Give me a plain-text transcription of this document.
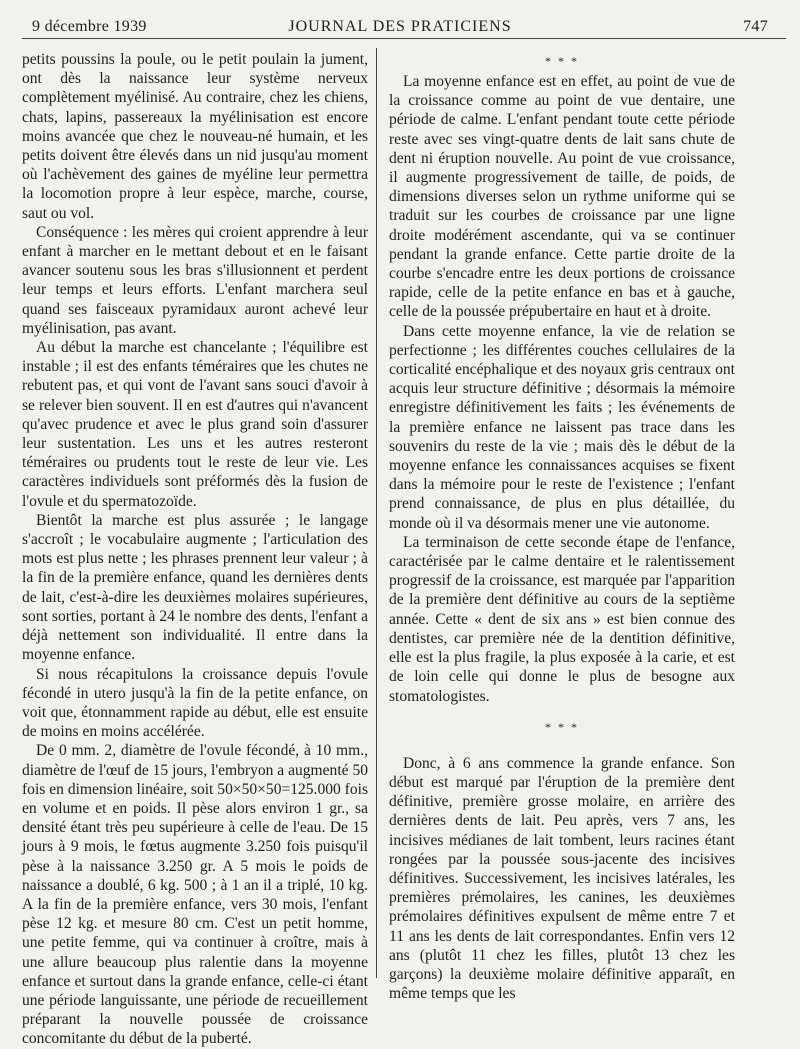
9 décembre 1939	JOURNAL DES PRATICIENS	747

petits poussins la poule, ou le petit poulain la jument, ont dès la naissance leur système nerveux complètement myélinisé. Au contraire, chez les chiens, chats, lapins, passereaux la myélinisation est encore moins avancée que chez le nouveau-né humain, et les petits doivent être élevés dans un nid jusqu'au moment où l'achèvement des gaines de myéline leur permettra la locomotion propre à leur espèce, marche, course, saut ou vol.

Conséquence : les mères qui croient apprendre à leur enfant à marcher en le mettant debout et en le faisant avancer soutenu sous les bras s'illusionnent et perdent leur temps et leurs efforts. L'enfant marchera seul quand ses faisceaux pyramidaux auront achevé leur myélinisation, pas avant.

Au début la marche est chancelante ; l'équilibre est instable ; il est des enfants téméraires que les chutes ne rebutent pas, et qui vont de l'avant sans souci d'avoir à se relever bien souvent. Il en est d'autres qui n'avancent qu'avec prudence et avec le plus grand soin d'assurer leur sustentation. Les uns et les autres resteront téméraires ou prudents tout le reste de leur vie. Les caractères individuels sont préformés dès la fusion de l'ovule et du spermatozoïde.

Bientôt la marche est plus assurée ; le langage s'accroît ; le vocabulaire augmente ; l'articulation des mots est plus nette ; les phrases prennent leur valeur ; à la fin de la première enfance, quand les dernières dents de lait, c'est-à-dire les deuxièmes molaires supérieures, sont sorties, portant à 24 le nombre des dents, l'enfant a déjà nettement son individualité. Il entre dans la moyenne enfance.

Si nous récapitulons la croissance depuis l'ovule fécondé in utero jusqu'à la fin de la petite enfance, on voit que, étonnamment rapide au début, elle est ensuite de moins en moins accélérée.

De 0 mm. 2, diamètre de l'ovule fécondé, à 10 mm., diamètre de l'œuf de 15 jours, l'embryon a augmenté 50 fois en dimension linéaire, soit 50×50×50=125.000 fois en volume et en poids. Il pèse alors environ 1 gr., sa densité étant très peu supérieure à celle de l'eau. De 15 jours à 9 mois, le fœtus augmente 3.250 fois puisqu'il pèse à la naissance 3.250 gr. A 5 mois le poids de naissance a doublé, 6 kg. 500 ; à 1 an il a triplé, 10 kg. A la fin de la première enfance, vers 30 mois, l'enfant pèse 12 kg. et mesure 80 cm. C'est un petit homme, une petite femme, qui va continuer à croître, mais à une allure beaucoup plus ralentie dans la moyenne enfance et surtout dans la grande enfance, celle-ci étant une période languissante, une période de recueillement préparant la nouvelle poussée de croissance concomitante du début de la puberté.

* * *

La moyenne enfance est en effet, au point de vue de la croissance comme au point de vue dentaire, une période de calme. L'enfant pendant toute cette période reste avec ses vingt-quatre dents de lait sans chute de dent ni éruption nouvelle. Au point de vue croissance, il augmente progressivement de taille, de poids, de dimensions diverses selon un rythme uniforme qui se traduit sur les courbes de croissance par une ligne droite modérément ascendante, qui va se continuer pendant la grande enfance. Cette partie droite de la courbe s'encadre entre les deux portions de croissance rapide, celle de la petite enfance en bas et à gauche, celle de la poussée prépubertaire en haut et à droite.

Dans cette moyenne enfance, la vie de relation se perfectionne ; les différentes couches cellulaires de la corticalité encéphalique et des noyaux gris centraux ont acquis leur structure définitive ; désormais la mémoire enregistre définitivement les faits ; les événements de la première enfance ne laissent pas trace dans les souvenirs du reste de la vie ; mais dès le début de la moyenne enfance les connaissances acquises se fixent dans la mémoire pour le reste de l'existence ; l'enfant prend connaissance, de plus en plus détaillée, du monde où il va désormais mener une vie autonome.

La terminaison de cette seconde étape de l'enfance, caractérisée par le calme dentaire et le ralentissement progressif de la croissance, est marquée par l'apparition de la première dent définitive au cours de la septième année. Cette « dent de six ans » est bien connue des dentistes, car première née de la dentition définitive, elle est la plus fragile, la plus exposée à la carie, et est de loin celle qui donne le plus de besogne aux stomatologistes.

* * *

Donc, à 6 ans commence la grande enfance. Son début est marqué par l'éruption de la première dent définitive, première grosse molaire, en arrière des dernières dents de lait. Peu après, vers 7 ans, les incisives médianes de lait tombent, leurs racines étant rongées par la poussée sous-jacente des incisives définitives. Successivement, les incisives latérales, les premières prémolaires, les canines, les deuxièmes prémolaires définitives expulsent de même entre 7 et 11 ans les dents de lait correspondantes. Enfin vers 12 ans (plutôt 11 chez les filles, plutôt 13 chez les garçons) la deuxième molaire définitive apparaît, en même temps que les
